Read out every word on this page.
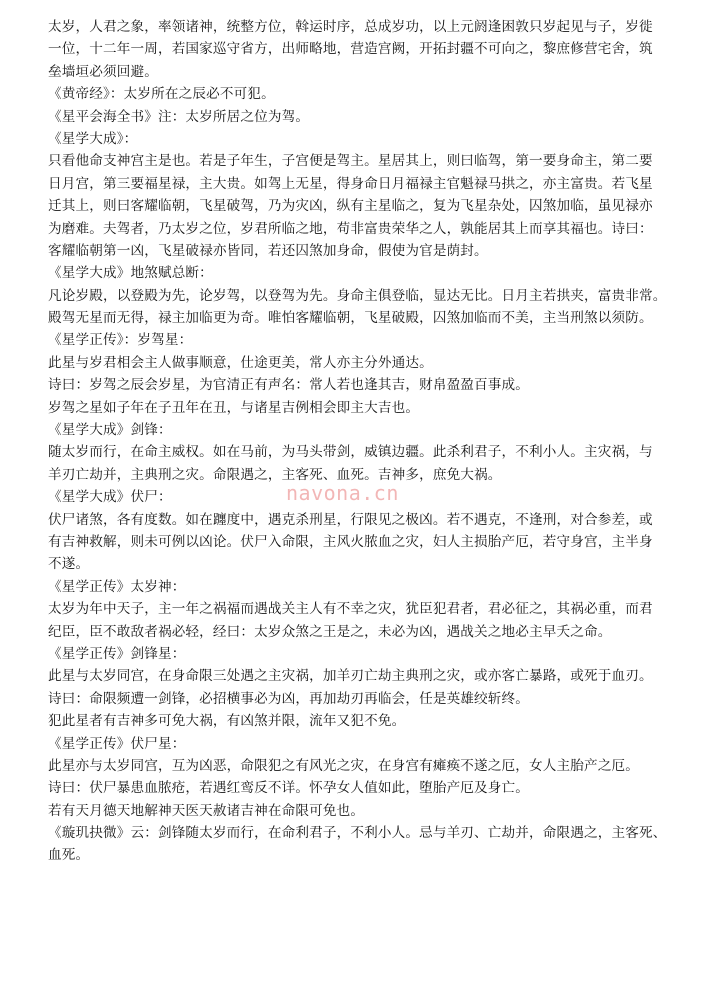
太岁，人君之象，率领诸神，统整方位，斡运时序，总成岁功，以上元阏逢困敦只岁起见与子，岁徙
一位，十二年一周，若国家巡守省方，出师略地，营造宫阙，开拓封疆不可向之，黎庶修营宅舍，筑
垒墙垣必须回避。
《黄帝经》：太岁所在之辰必不可犯。
《星平会海全书》注：太岁所居之位为驾。
《星学大成》：
只看他命支神宫主是也。若是子年生，子宫便是驾主。星居其上，则曰临驾，第一要身命主，第二要
日月宫，第三要福星禄，主大贵。如驾上无星，得身命日月福禄主官魁禄马拱之，亦主富贵。若飞星
迁其上，则曰客耀临朝，飞星破驾，乃为灾凶，纵有主星临之，复为飞星杂处，囚煞加临，虽见禄亦
为磨难。夫驾者，乃太岁之位，岁君所临之地，苟非富贵荣华之人，孰能居其上而享其福也。诗曰：
客耀临朝第一凶，飞星破禄亦皆同，若还囚煞加身命，假使为官是荫封。
《星学大成》地煞赋总断：
凡论岁殿，以登殿为先，论岁驾，以登驾为先。身命主俱登临，显达无比。日月主若拱夹，富贵非常。
殿驾无星而无得，禄主加临更为奇。唯怕客耀临朝，飞星破殿，囚煞加临而不美，主当刑煞以须防。
《星学正传》：岁驾星：
此星与岁君相会主人做事顺意，仕途更美，常人亦主分外通达。
诗曰：岁驾之辰会岁星，为官清正有声名：常人若也逢其吉，财帛盈盈百事成。
岁驾之星如子年在子丑年在丑，与诸星吉例相会即主大吉也。
《星学大成》剑锋：
随太岁而行，在命主威权。如在马前，为马头带剑，威镇边疆。此杀利君子，不利小人。主灾祸，与
羊刃亡劫并，主典刑之灾。命限遇之，主客死、血死。吉神多，庶免大祸。
《星学大成》伏尸：
伏尸诸煞，各有度数。如在躔度中，遇克杀刑星，行限见之极凶。若不遇克，不逢刑，对合参差，或
有吉神救解，则未可例以凶论。伏尸入命限，主风火脓血之灾，妇人主损胎产厄，若守身宫，主半身
不遂。
《星学正传》太岁神：
太岁为年中天子，主一年之祸福而遇战关主人有不幸之灾，犹臣犯君者，君必征之，其祸必重，而君
纪臣，臣不敢敌者祸必轻，经曰：太岁众煞之王是之，未必为凶，遇战关之地必主早夭之命。
《星学正传》剑锋星：
此星与太岁同宫，在身命限三处遇之主灾祸，加羊刃亡劫主典刑之灾，或亦客亡暴路，或死于血刃。
诗曰：命限频遭一剑锋，必招横事必为凶，再加劫刃再临会，任是英雄绞斩终。
犯此星者有吉神多可免大祸，有凶煞并限，流年又犯不免。
《星学正传》伏尸星：
此星亦与太岁同宫，互为凶恶，命限犯之有风光之灾，在身宫有瘫痪不遂之厄，女人主胎产之厄。
诗曰：伏尸暴患血脓疮，若遇红鸾反不详。怀孕女人值如此，堕胎产厄及身亡。
若有天月德天地解神天医天赦诸吉神在命限可免也。
《璇玑抉微》云：剑锋随太岁而行，在命利君子，不利小人。忌与羊刃、亡劫并，命限遇之，主客死、
血死。
navona.cn
